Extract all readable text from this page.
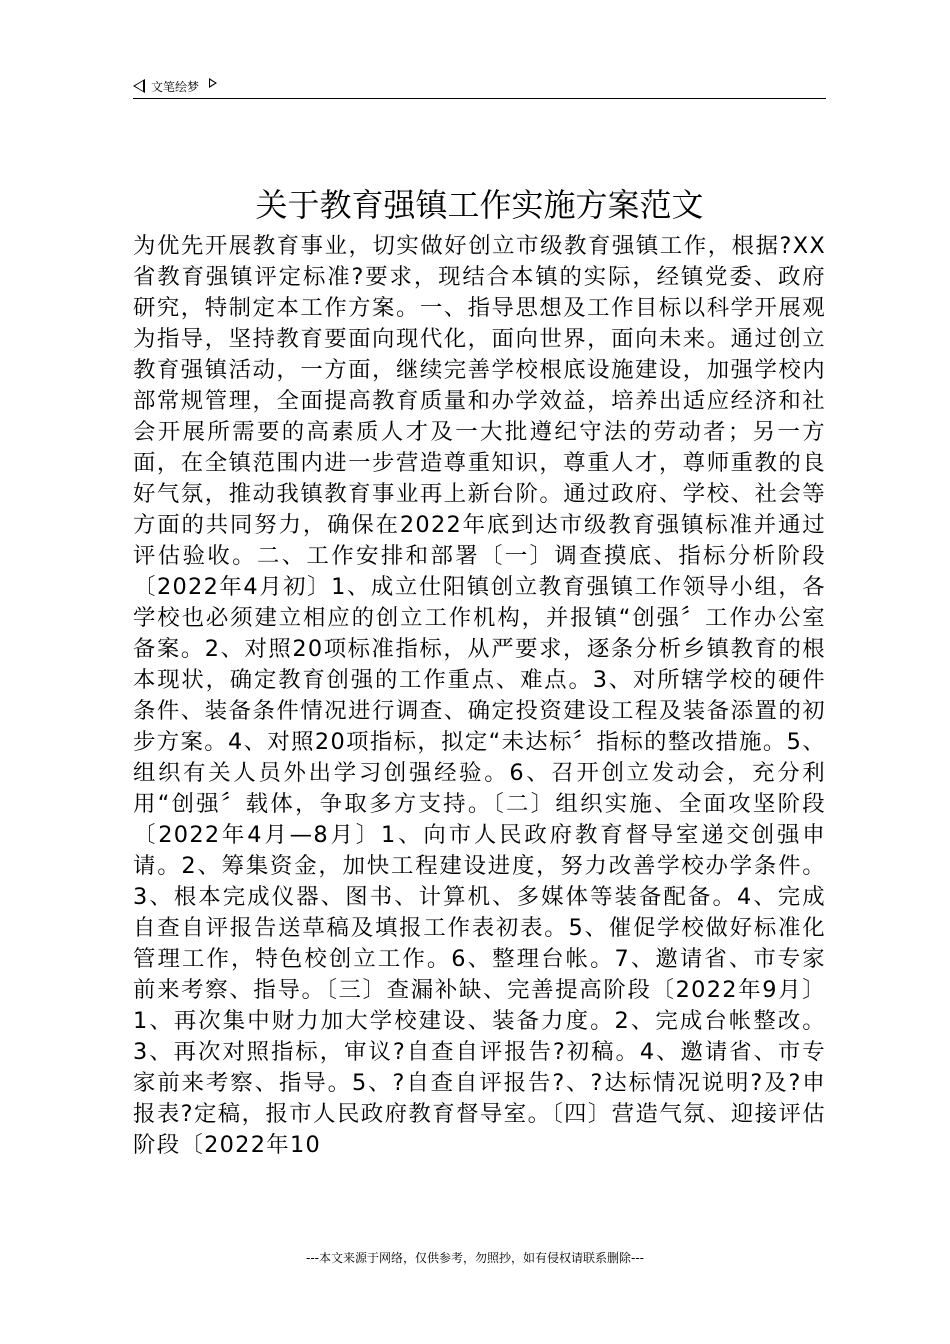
文笔绘梦
关于教育强镇工作实施方案范文

为优先开展教育事业，切实做好创立市级教育强镇工作，根据?XX省教育强镇评定标准?要求，现结合本镇的实际，经镇党委、政府研究，特制定本工作方案。一、指导思想及工作目标以科学开展观为指导，坚持教育要面向现代化，面向世界，面向未来。通过创立教育强镇活动，一方面，继续完善学校根底设施建设，加强学校内部常规管理，全面提高教育质量和办学效益，培养出适应经济和社会开展所需要的高素质人才及一大批遵纪守法的劳动者；另一方面，在全镇范围内进一步营造尊重知识，尊重人才，尊师重教的良好气氛，推动我镇教育事业再上新台阶。通过政府、学校、社会等方面的共同努力，确保在2022年底到达市级教育强镇标准并通过评估验收。二、工作安排和部署〔一〕调查摸底、指标分析阶段〔2022年4月初〕1、成立仕阳镇创立教育强镇工作领导小组，各学校也必须建立相应的创立工作机构，并报镇“创强〞工作办公室备案。2、对照20项标准指标，从严要求，逐条分析乡镇教育的根本现状，确定教育创强的工作重点、难点。3、对所辖学校的硬件条件、装备条件情况进行调查、确定投资建设工程及装备添置的初步方案。4、对照20项指标，拟定“未达标〞指标的整改措施。5、组织有关人员外出学习创强经验。6、召开创立发动会，充分利用“创强〞载体，争取多方支持。〔二〕组织实施、全面攻坚阶段〔2022年4月—8月〕1、向市人民政府教育督导室递交创强申请。2、筹集资金，加快工程建设进度，努力改善学校办学条件。3、根本完成仪器、图书、计算机、多媒体等装备配备。4、完成自查自评报告送草稿及填报工作表初表。5、催促学校做好标准化管理工作，特色校创立工作。6、整理台帐。7、邀请省、市专家前来考察、指导。〔三〕查漏补缺、完善提高阶段〔2022年9月〕1、再次集中财力加大学校建设、装备力度。2、完成台帐整改。3、再次对照指标，审议?自查自评报告?初稿。4、邀请省、市专家前来考察、指导。5、?自查自评报告?、?达标情况说明?及?申报表?定稿，报市人民政府教育督导室。〔四〕营造气氛、迎接评估阶段〔2022年10

---本文来源于网络，仅供参考，勿照抄，如有侵权请联系删除---
